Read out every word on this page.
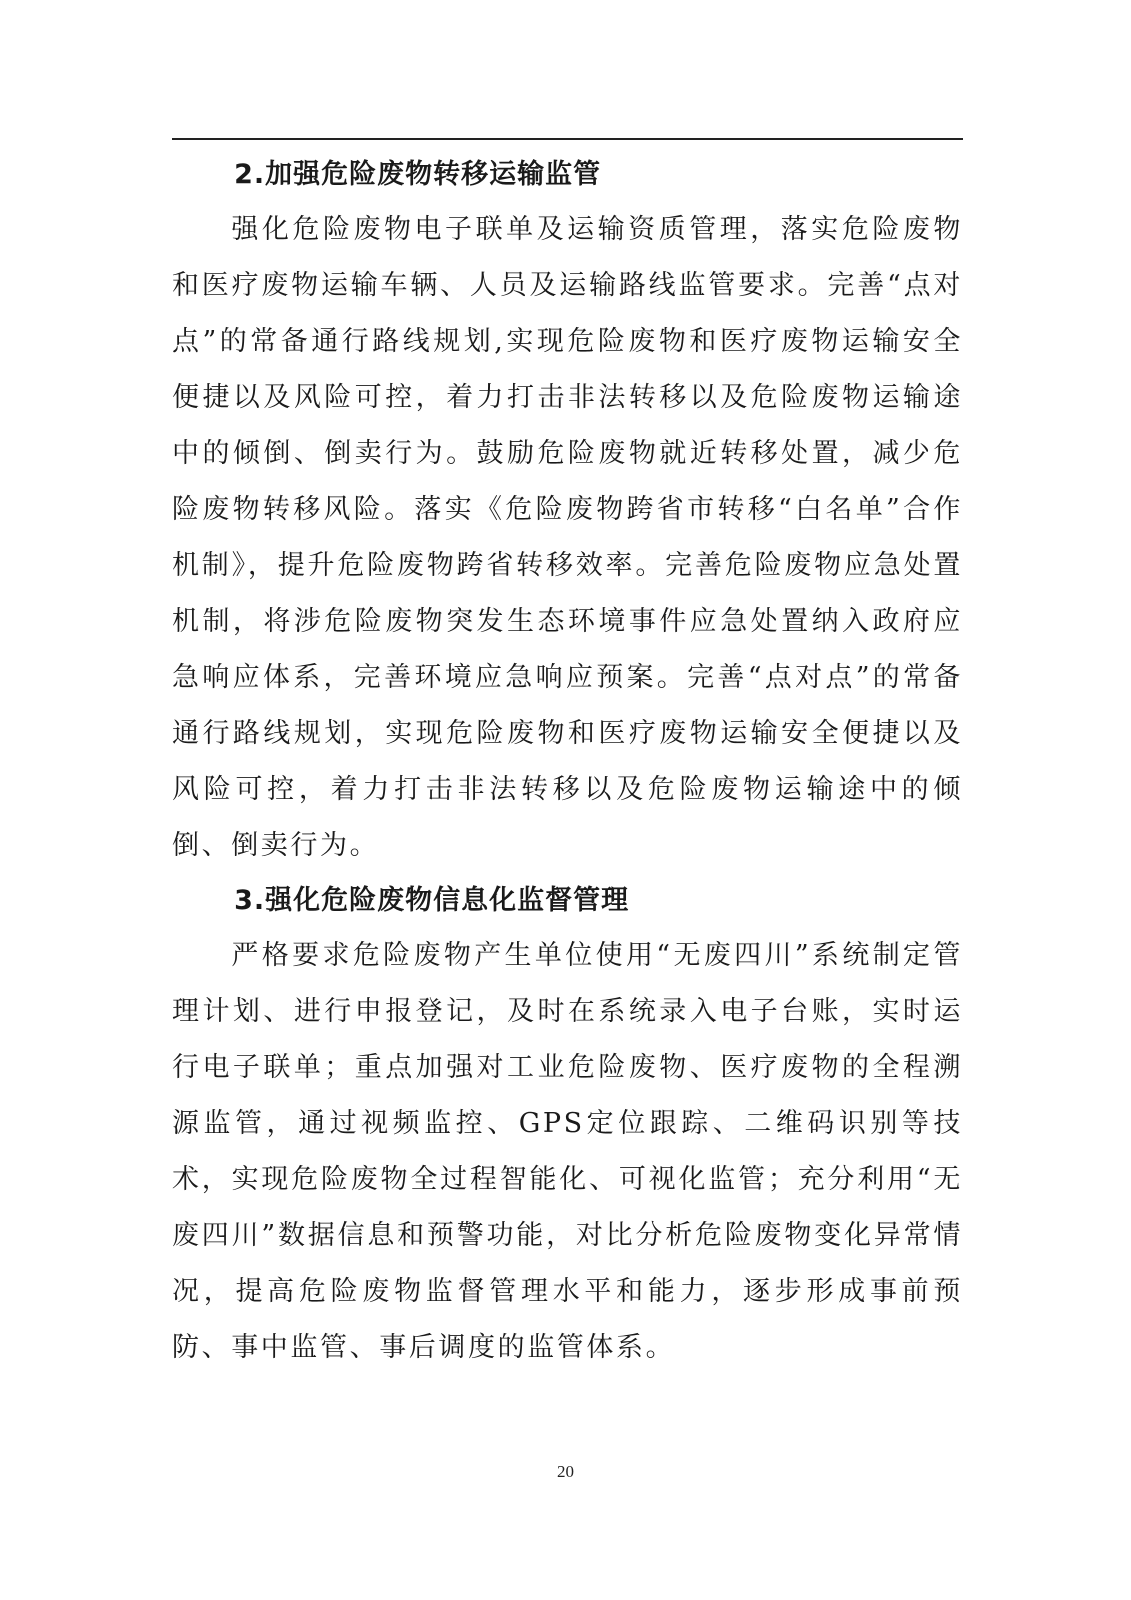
2.加强危险废物转移运输监管

强化危险废物电子联单及运输资质管理，落实危险废物和医疗废物运输车辆、人员及运输路线监管要求。完善“点对点”的常备通行路线规划,实现危险废物和医疗废物运输安全便捷以及风险可控，着力打击非法转移以及危险废物运输途中的倾倒、倒卖行为。鼓励危险废物就近转移处置，减少危险废物转移风险。落实《危险废物跨省市转移“白名单”合作机制》，提升危险废物跨省转移效率。完善危险废物应急处置机制，将涉危险废物突发生态环境事件应急处置纳入政府应急响应体系，完善环境应急响应预案。完善“点对点”的常备通行路线规划，实现危险废物和医疗废物运输安全便捷以及风险可控，着力打击非法转移以及危险废物运输途中的倾倒、倒卖行为。

3.强化危险废物信息化监督管理

严格要求危险废物产生单位使用“无废四川”系统制定管理计划、进行申报登记，及时在系统录入电子台账，实时运行电子联单；重点加强对工业危险废物、医疗废物的全程溯源监管，通过视频监控、GPS定位跟踪、二维码识别等技术，实现危险废物全过程智能化、可视化监管；充分利用“无废四川”数据信息和预警功能，对比分析危险废物变化异常情况，提高危险废物监督管理水平和能力，逐步形成事前预防、事中监管、事后调度的监管体系。

20
